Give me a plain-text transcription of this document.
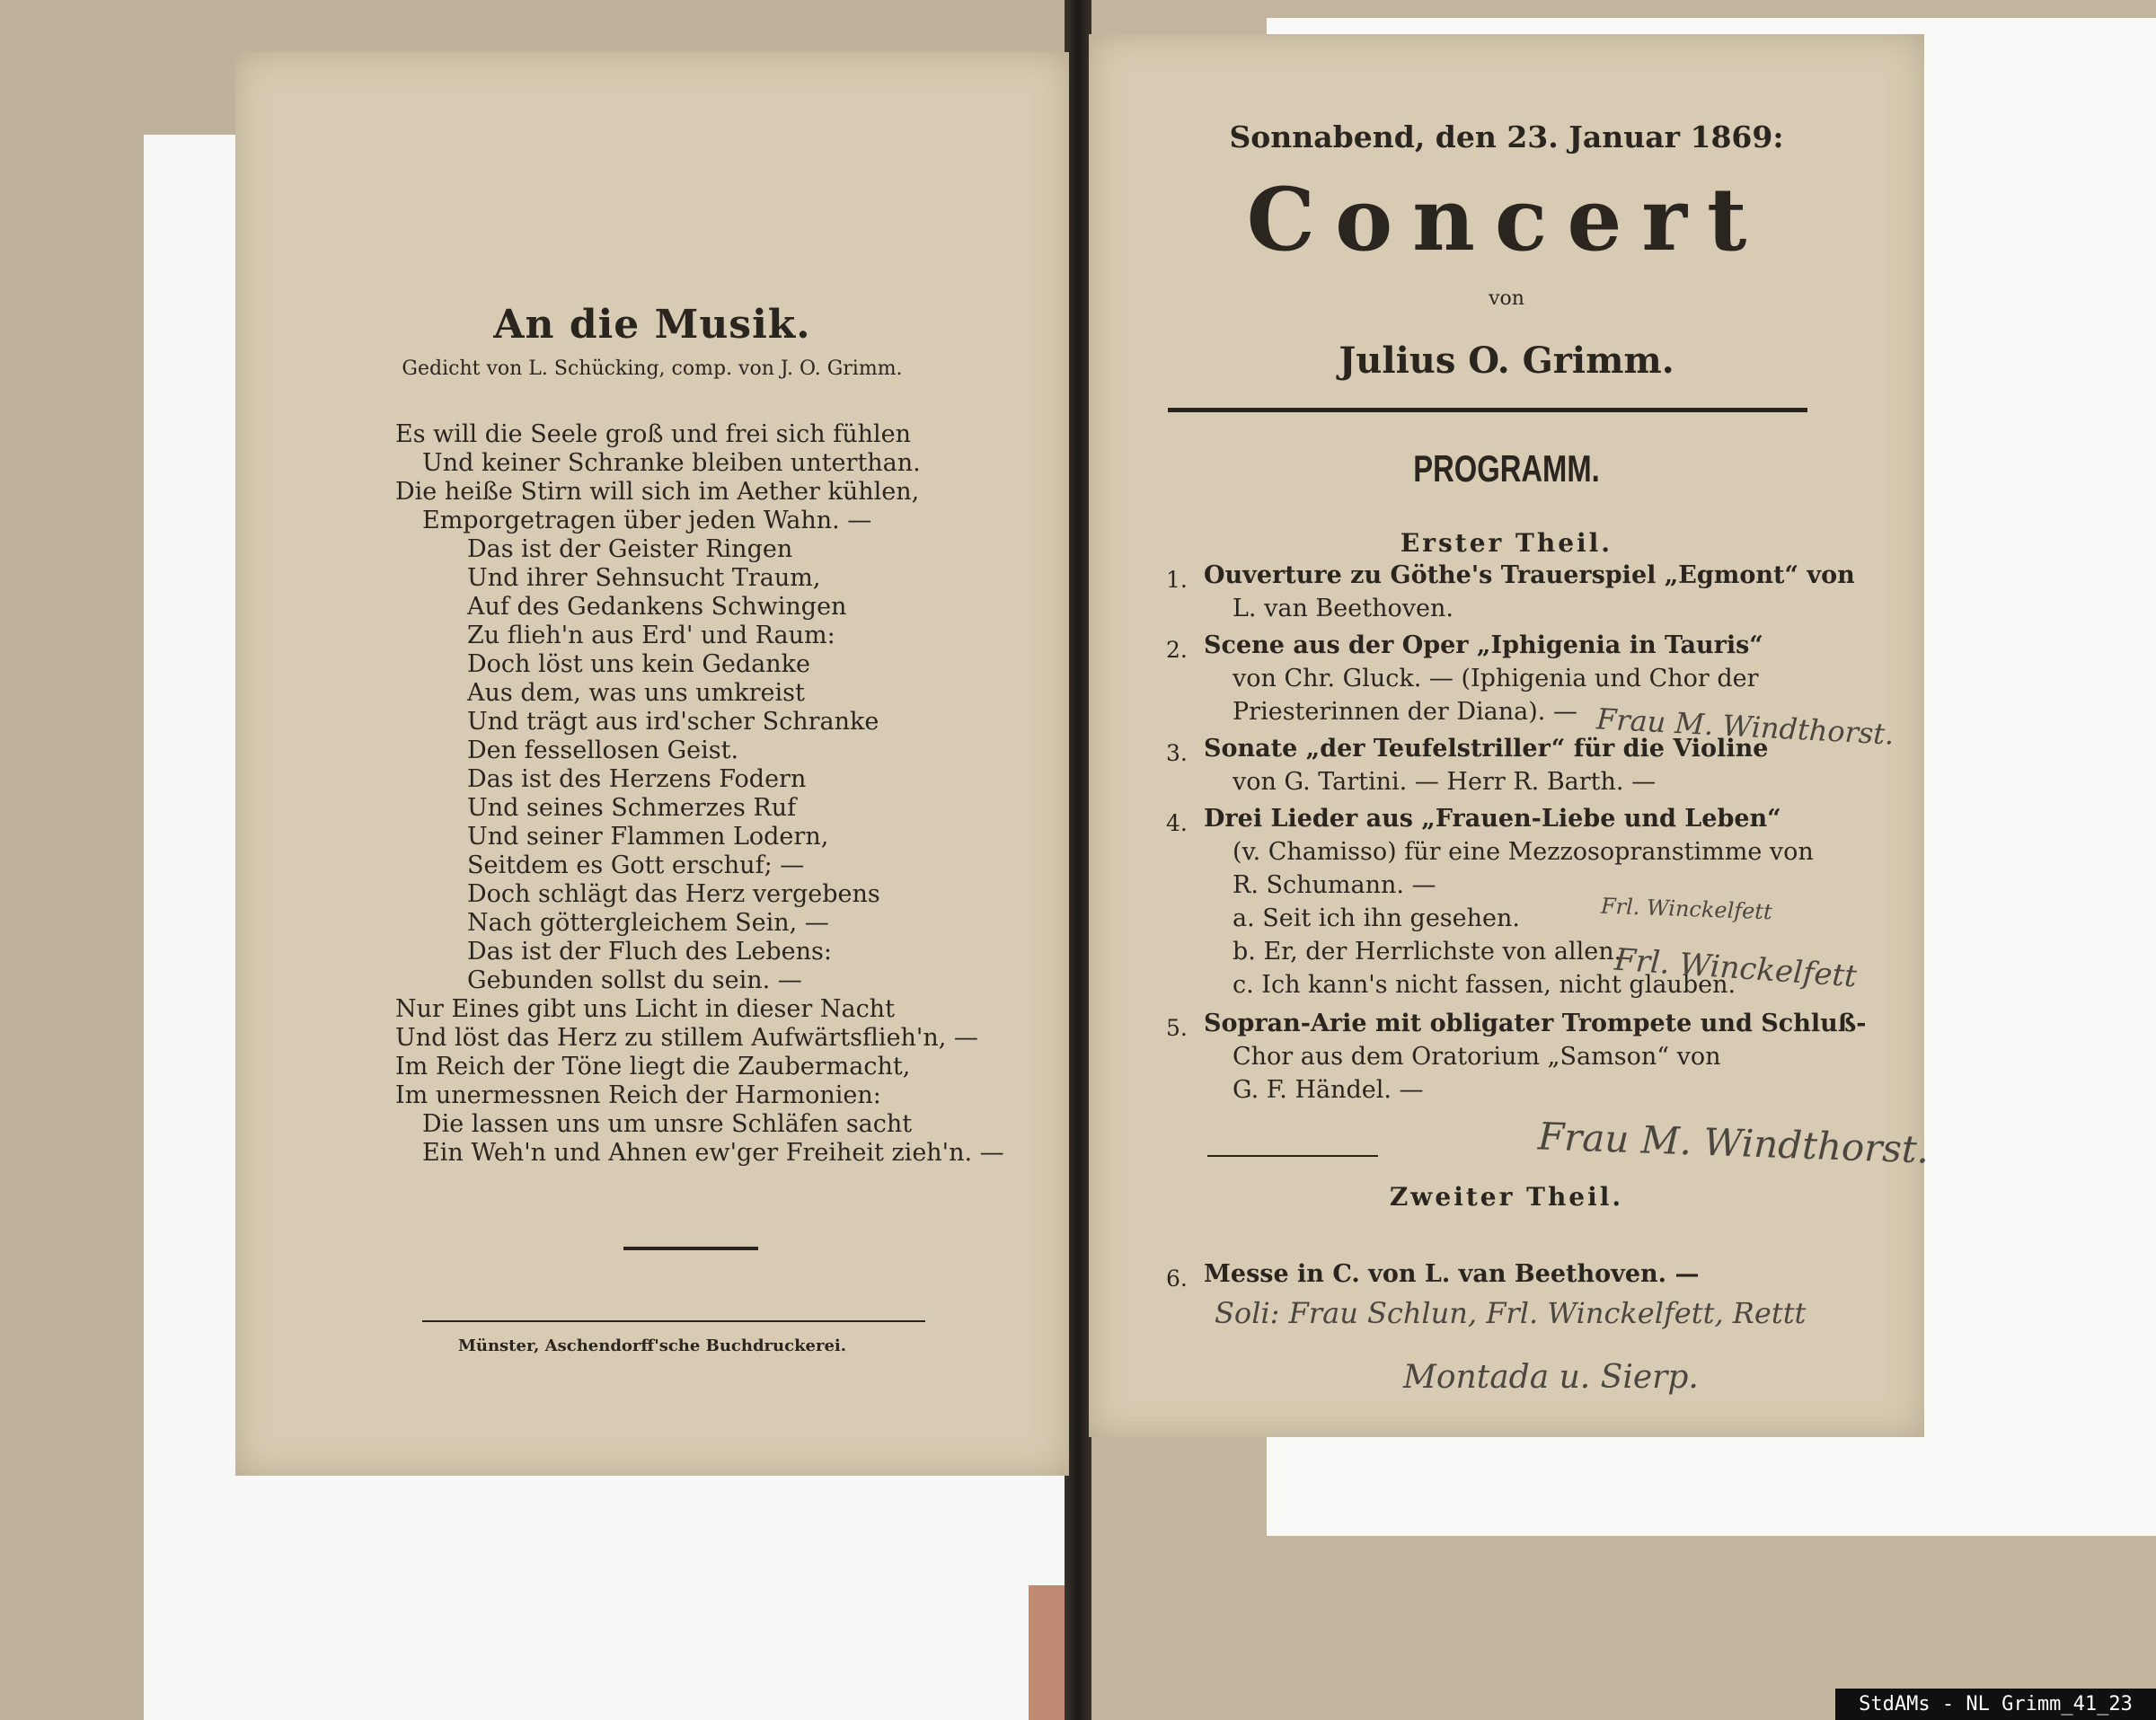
An die Musik.
Gedicht von L. Schücking, comp. von J. O. Grimm.
Es will die Seele groß und frei sich fühlen
Und keiner Schranke bleiben unterthan.
Die heiße Stirn will sich im Aether kühlen,
Emporgetragen über jeden Wahn. —
Das ist der Geister Ringen
Und ihrer Sehnsucht Traum,
Auf des Gedankens Schwingen
Zu flieh'n aus Erd' und Raum:
Doch löst uns kein Gedanke
Aus dem, was uns umkreist
Und trägt aus ird'scher Schranke
Den fessellosen Geist.
Das ist des Herzens Fodern
Und seines Schmerzes Ruf
Und seiner Flammen Lodern,
Seitdem es Gott erschuf; —
Doch schlägt das Herz vergebens
Nach göttergleichem Sein, —
Das ist der Fluch des Lebens:
Gebunden sollst du sein. —
Nur Eines gibt uns Licht in dieser Nacht
Und löst das Herz zu stillem Aufwärtsflieh'n, —
Im Reich der Töne liegt die Zaubermacht,
Im unermessnen Reich der Harmonien:
Die lassen uns um unsre Schläfen sacht
Ein Weh'n und Ahnen ew'ger Freiheit zieh'n. —
Münster, Aschendorff'sche Buchdruckerei.
Sonnabend, den 23. Januar 1869:
Concert
von
Julius O. Grimm.
PROGRAMM.
Erster Theil.
1. Ouverture zu Göthe's Trauerspiel „Egmont“ von
L. van Beethoven.
2. Scene aus der Oper „Iphigenia in Tauris“
von Chr. Gluck. — (Iphigenia und Chor der
Priesterinnen der Diana). —
3. Sonate „der Teufelstriller“ für die Violine
von G. Tartini. — Herr R. Barth. —
4. Drei Lieder aus „Frauen-Liebe und Leben“
(v. Chamisso) für eine Mezzosopranstimme von
R. Schumann. —
a. Seit ich ihn gesehen.
b. Er, der Herrlichste von allen.
c. Ich kann's nicht fassen, nicht glauben.
5. Sopran-Arie mit obligater Trompete und Schluß-
Chor aus dem Oratorium „Samson“ von
G. F. Händel. —
6. Messe in C. von L. van Beethoven. —
Zweiter Theil.
Frau M. Windthorst.
Frl. Winckelfett
Frl. Winckelfett
Frau M. Windthorst.
Soli: Frau Schlun, Frl. Winckelfett, Rettt
Montada u. Sierp.
StdAMs - NL Grimm_41_23
